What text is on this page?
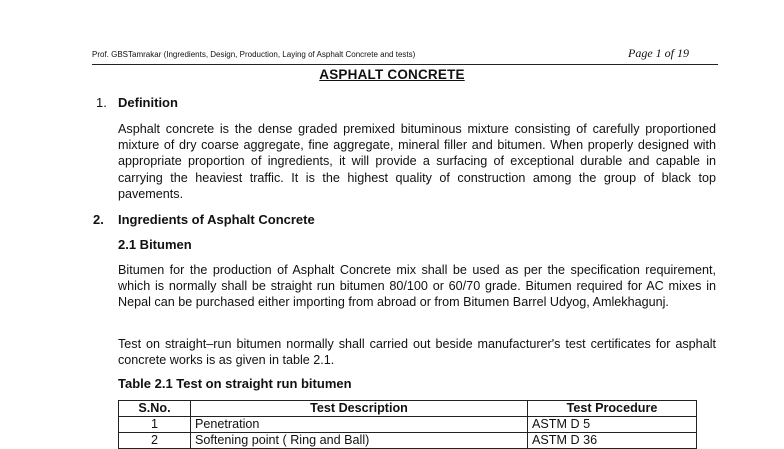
Prof. GBSTamrakar (Ingredients, Design, Production, Laying of Asphalt Concrete and tests)	Page 1 of 19
ASPHALT CONCRETE
1. Definition
Asphalt concrete is the dense graded premixed bituminous mixture consisting of carefully proportioned mixture of dry coarse aggregate, fine aggregate, mineral filler and bitumen. When properly designed with appropriate proportion of ingredients, it will provide a surfacing of exceptional durable and capable in carrying the heaviest traffic. It is the highest quality of construction among the group of black top pavements.
2. Ingredients of Asphalt Concrete
2.1 Bitumen
Bitumen for the production of Asphalt Concrete mix shall be used as per the specification requirement, which is normally shall be straight run bitumen 80/100 or 60/70 grade. Bitumen required for AC mixes in Nepal can be purchased either importing from abroad or from Bitumen Barrel Udyog, Amlekhagunj.
Test on straight–run bitumen normally shall carried out beside manufacturer's test certificates for asphalt concrete works is as given in table 2.1.
Table 2.1 Test on straight run bitumen
S.No.	Test Description	Test Procedure
1	Penetration	ASTM D 5
2	Softening point ( Ring and Ball)	ASTM D 36
